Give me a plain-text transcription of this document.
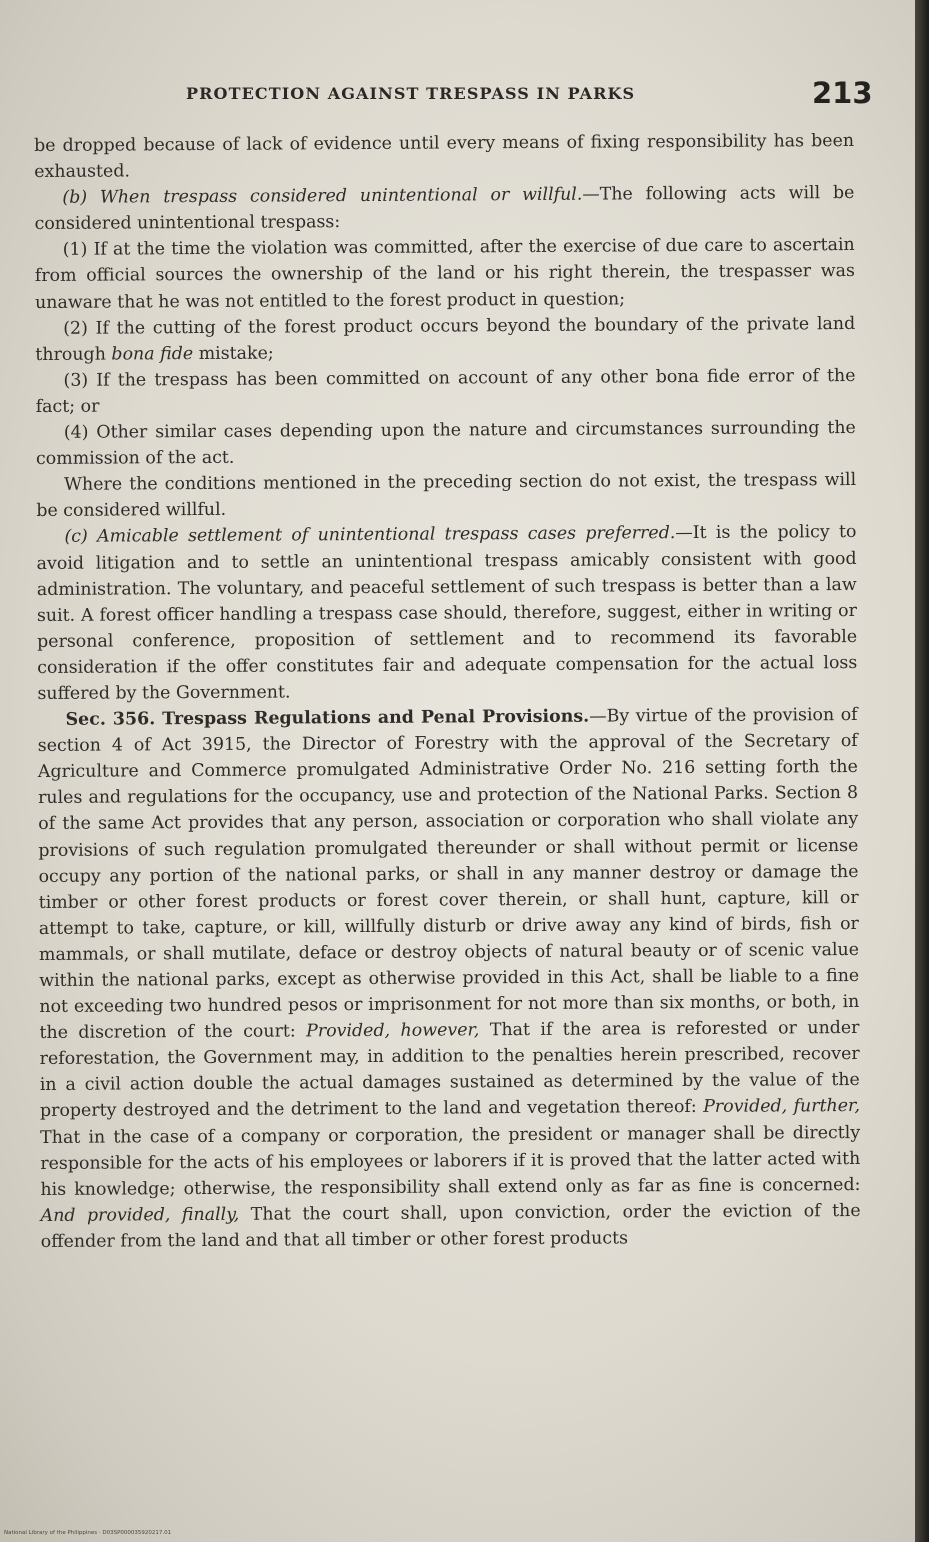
PROTECTION AGAINST TRESPASS IN PARKS	213

be dropped because of lack of evidence until every means of fixing responsibility has been exhausted.

(b) When trespass considered unintentional or willful.—The following acts will be considered unintentional trespass:

(1) If at the time the violation was committed, after the exercise of due care to ascertain from official sources the ownership of the land or his right therein, the trespasser was unaware that he was not entitled to the forest product in question;

(2) If the cutting of the forest product occurs beyond the boundary of the private land through bona fide mistake;

(3) If the trespass has been committed on account of any other bona fide error of the fact; or

(4) Other similar cases depending upon the nature and circumstances surrounding the commission of the act.

Where the conditions mentioned in the preceding section do not exist, the trespass will be considered willful.

(c) Amicable settlement of unintentional trespass cases preferred.—It is the policy to avoid litigation and to settle an unintentional trespass amicably consistent with good administration. The voluntary, and peaceful settlement of such trespass is better than a law suit. A forest officer handling a trespass case should, therefore, suggest, either in writing or personal conference, proposition of settlement and to recommend its favorable consideration if the offer constitutes fair and adequate compensation for the actual loss suffered by the Government.

Sec. 356. Trespass Regulations and Penal Provisions.—By virtue of the provision of section 4 of Act 3915, the Director of Forestry with the approval of the Secretary of Agriculture and Commerce promulgated Administrative Order No. 216 setting forth the rules and regulations for the occupancy, use and protection of the National Parks. Section 8 of the same Act provides that any person, association or corporation who shall violate any provisions of such regulation promulgated thereunder or shall without permit or license occupy any portion of the national parks, or shall in any manner destroy or damage the timber or other forest products or forest cover therein, or shall hunt, capture, kill or attempt to take, capture, or kill, willfully disturb or drive away any kind of birds, fish or mammals, or shall mutilate, deface or destroy objects of natural beauty or of scenic value within the national parks, except as otherwise provided in this Act, shall be liable to a fine not exceeding two hundred pesos or imprisonment for not more than six months, or both, in the discretion of the court: Provided, however, That if the area is reforested or under reforestation, the Government may, in addition to the penalties herein prescribed, recover in a civil action double the actual damages sustained as determined by the value of the property destroyed and the detriment to the land and vegetation thereof: Provided, further, That in the case of a company or corporation, the president or manager shall be directly responsible for the acts of his employees or laborers if it is proved that the latter acted with his knowledge; otherwise, the responsibility shall extend only as far as fine is concerned: And provided, finally, That the court shall, upon conviction, order the eviction of the offender from the land and that all timber or other forest products

National Library of the Philippines · D03SP000035920217.01
